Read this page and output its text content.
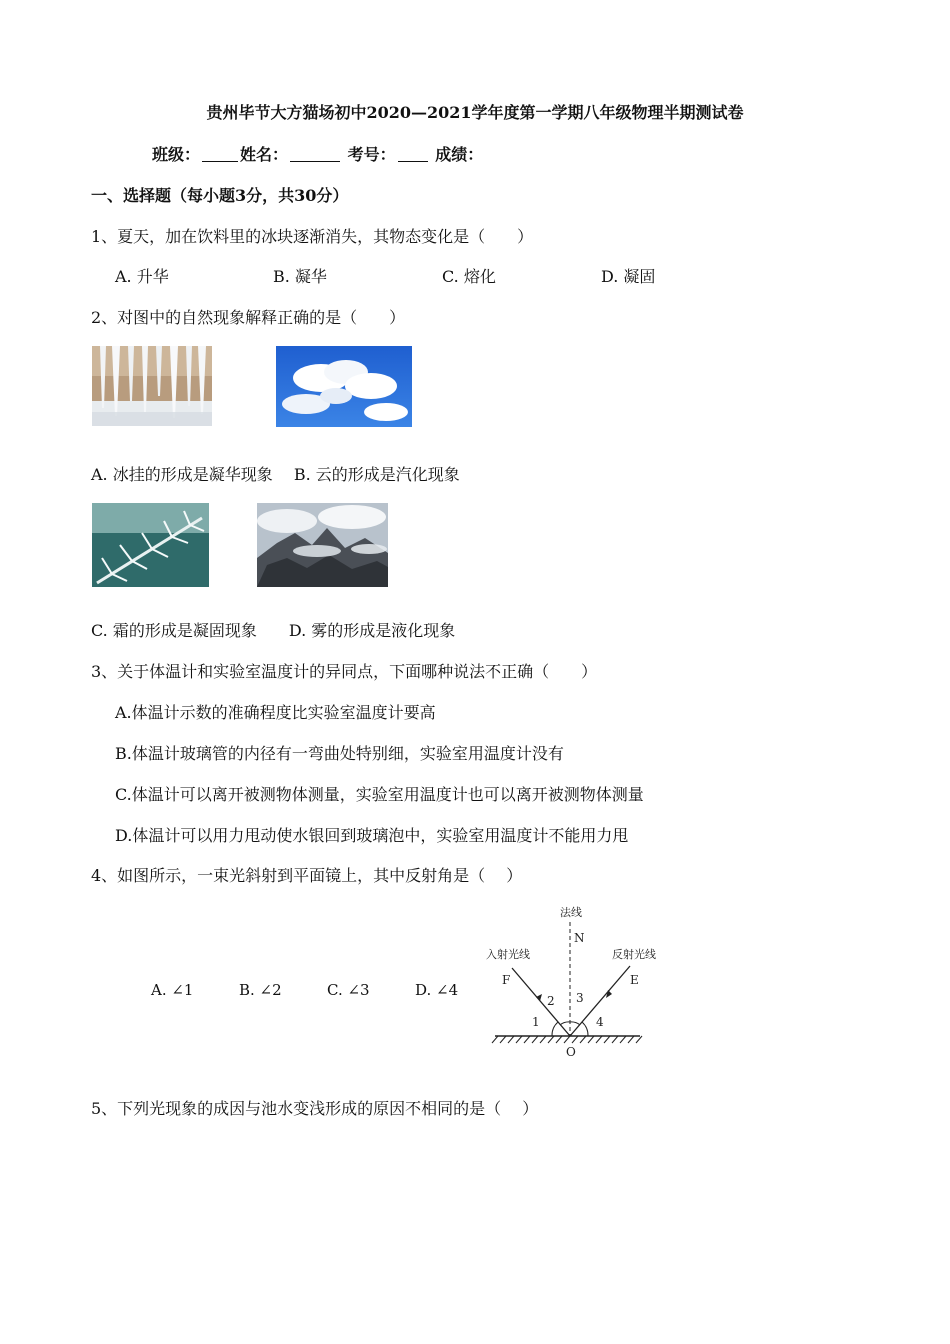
贵州毕节大方猫场初中2020—2021学年度第一学期八年级物理半期测试卷
班级：	姓名：	考号： 成绩：
一、选择题（每小题3分，共30分）
1、夏天，加在饮料里的冰块逐渐消失，其物态变化是（　　）
A. 升华	B. 凝华	C. 熔化	D. 凝固
2、对图中的自然现象解释正确的是（　　）
A. 冰挂的形成是凝华现象　 B. 云的形成是汽化现象
C. 霜的形成是凝固现象　　D. 雾的形成是液化现象
3、关于体温计和实验室温度计的异同点，下面哪种说法不正确（　　）
A.体温计示数的准确程度比实验室温度计要高
B.体温计玻璃管的内径有一弯曲处特别细，实验室用温度计没有
C.体温计可以离开被测物体测量，实验室用温度计也可以离开被测物体测量
D.体温计可以用力甩动使水银回到玻璃泡中，实验室用温度计不能用力甩
4、如图所示，一束光斜射到平面镜上，其中反射角是（　 ）
A. ∠1	B. ∠2	C. ∠3	D. ∠4
法线
N
入射光线	反射光线
F	E
1
2 3
4
O
5、下列光现象的成因与池水变浅形成的原因不相同的是（　 ）
